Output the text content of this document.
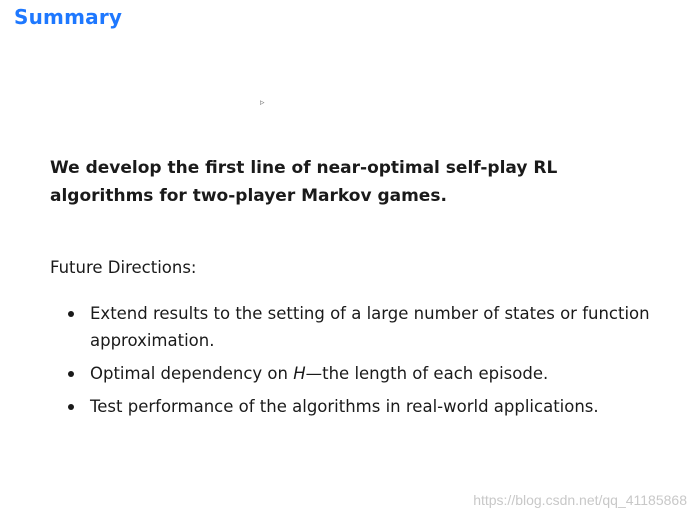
Summary
▹
We develop the first line of near-optimal self-play RL algorithms for two-player Markov games.
Future Directions:
Extend results to the setting of a large number of states or function approximation.
Optimal dependency on H—the length of each episode.
Test performance of the algorithms in real-world applications.
https://blog.csdn.net/qq_41185868
